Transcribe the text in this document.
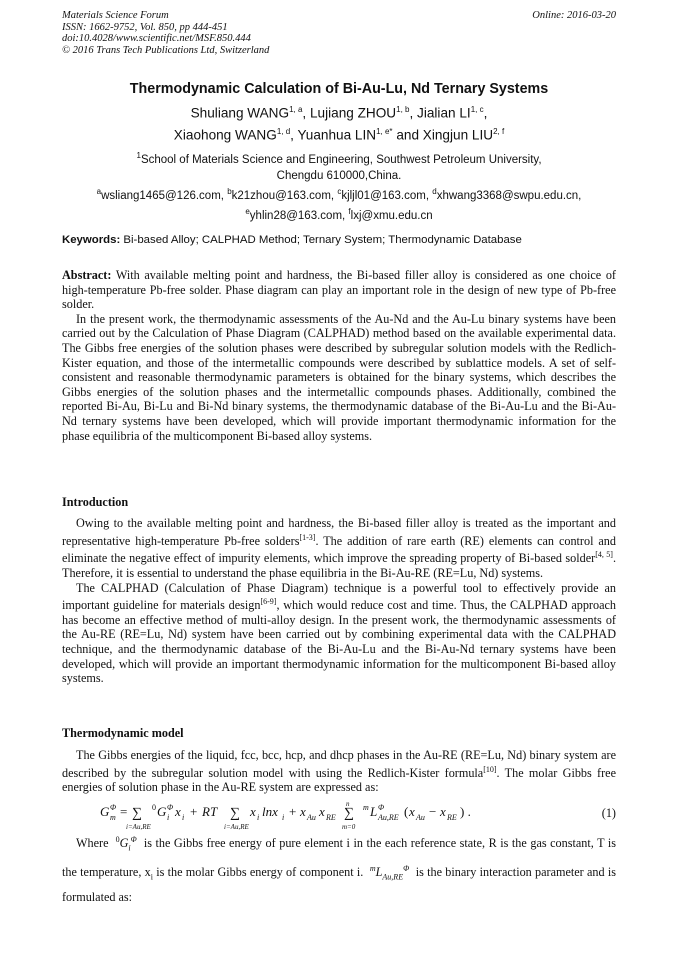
Materials Science Forum
ISSN: 1662-9752, Vol. 850, pp 444-451
doi:10.4028/www.scientific.net/MSF.850.444
© 2016 Trans Tech Publications Ltd, Switzerland
Online: 2016-03-20
Thermodynamic Calculation of Bi-Au-Lu, Nd Ternary Systems
Shuliang WANG$^{1, a}$, Lujiang ZHOU$^{1, b}$, Jialian LI$^{1, c}$,
Xiaohong WANG$^{1, d}$, Yuanhua $LIN^{1, e*}$ and Xingjun LIU$^{2, f}$
$^1$School of Materials Science and Engineering, Southwest Petroleum University,
Chengdu 610000,China.
$^a$wsliang1465@126.com, $^b$k21zhou@163.com, $^c$kjljl01@163.com, $^d$xhwang3368@swpu.edu.cn,
$^e$yhlin28@163.com, $^f$lxj@xmu.edu.cn
Keywords: Bi-based Alloy; CALPHAD Method; Ternary System; Thermodynamic Database

Abstract: With available melting point and hardness, the Bi-based filler alloy is considered as one choice of high-temperature Pb-free solder. Phase diagram can play an important role in the design of new type of Pb-free solder.

In the present work, the thermodynamic assessments of the Au-Nd and the Au-Lu binary systems have been carried out by the Calculation of Phase Diagram (CALPHAD) method based on the available experimental data. The Gibbs free energies of the solution phases were described by subregular solution models with the Redlich-Kister equation, and those of the intermetallic compounds were described by sublattice models. A set of self-consistent and reasonable thermodynamic parameters is obtained for the binary systems, which describes the Gibbs energies of the solution phases and the intermetallic compounds phases. Additionally, combined the reported Bi-Au, Bi-Lu and Bi-Nd binary systems, the thermodynamic database of the Bi-Au-Lu and the Bi-Au-Nd ternary systems have been developed, which will provide important thermodynamic information for the phase equilibria of the multicomponent Bi-based alloy systems.

Introduction

Owing to the available melting point and hardness, the Bi-based filler alloy is treated as the important and representative high-temperature Pb-free solders[1-3]. The addition of rare earth (RE) elements can control and eliminate the negative effect of impurity elements, which improve the spreading property of Bi-based solder[4, 5]. Therefore, it is essential to understand the phase equilibria in the Bi-Au-RE (RE=Lu, Nd) systems.

The CALPHAD (Calculation of Phase Diagram) technique is a powerful tool to effectively provide an important guideline for materials design[6-9], which would reduce cost and time. Thus, the CALPHAD approach has become an effective method of multi-alloy design. In the present work, the thermodynamic assessments of the Au-RE (RE=Lu, Nd) system have been carried out by combining experimental data with the CALPHAD technique, and the thermodynamic database of the Bi-Au-Lu and the Bi-Au-Nd ternary systems have been developed, which will provide an important thermodynamic information for the multicomponent Bi-based alloy systems.

Thermodynamic model

The Gibbs energies of the liquid, fcc, bcc, hcp, and dhcp phases in the Au-RE (RE=Lu, Nd) binary system are described by the subregular solution model with using the Redlich-Kister formula[10]. The molar Gibbs free energies of solution phase in the Au-RE system are expressed as:

G Φ
m = ∑
i=Au,RE
0 G Φ
i x i + RT ∑
i=Au,RE
x i lnx i + x Au x RE ∑
n
m=0
m L Φ
Au,RE ( x Au − x RE ) .	(1)

Where $^0G_i^\Phi$ is the Gibbs free energy of pure element i in the each reference state, R is the gas constant, T is the temperature, $x_i$ is the molar Gibbs energy of component i. $^mL_{Au,RE}^\Phi$ is the binary interaction parameter and is formulated as:
